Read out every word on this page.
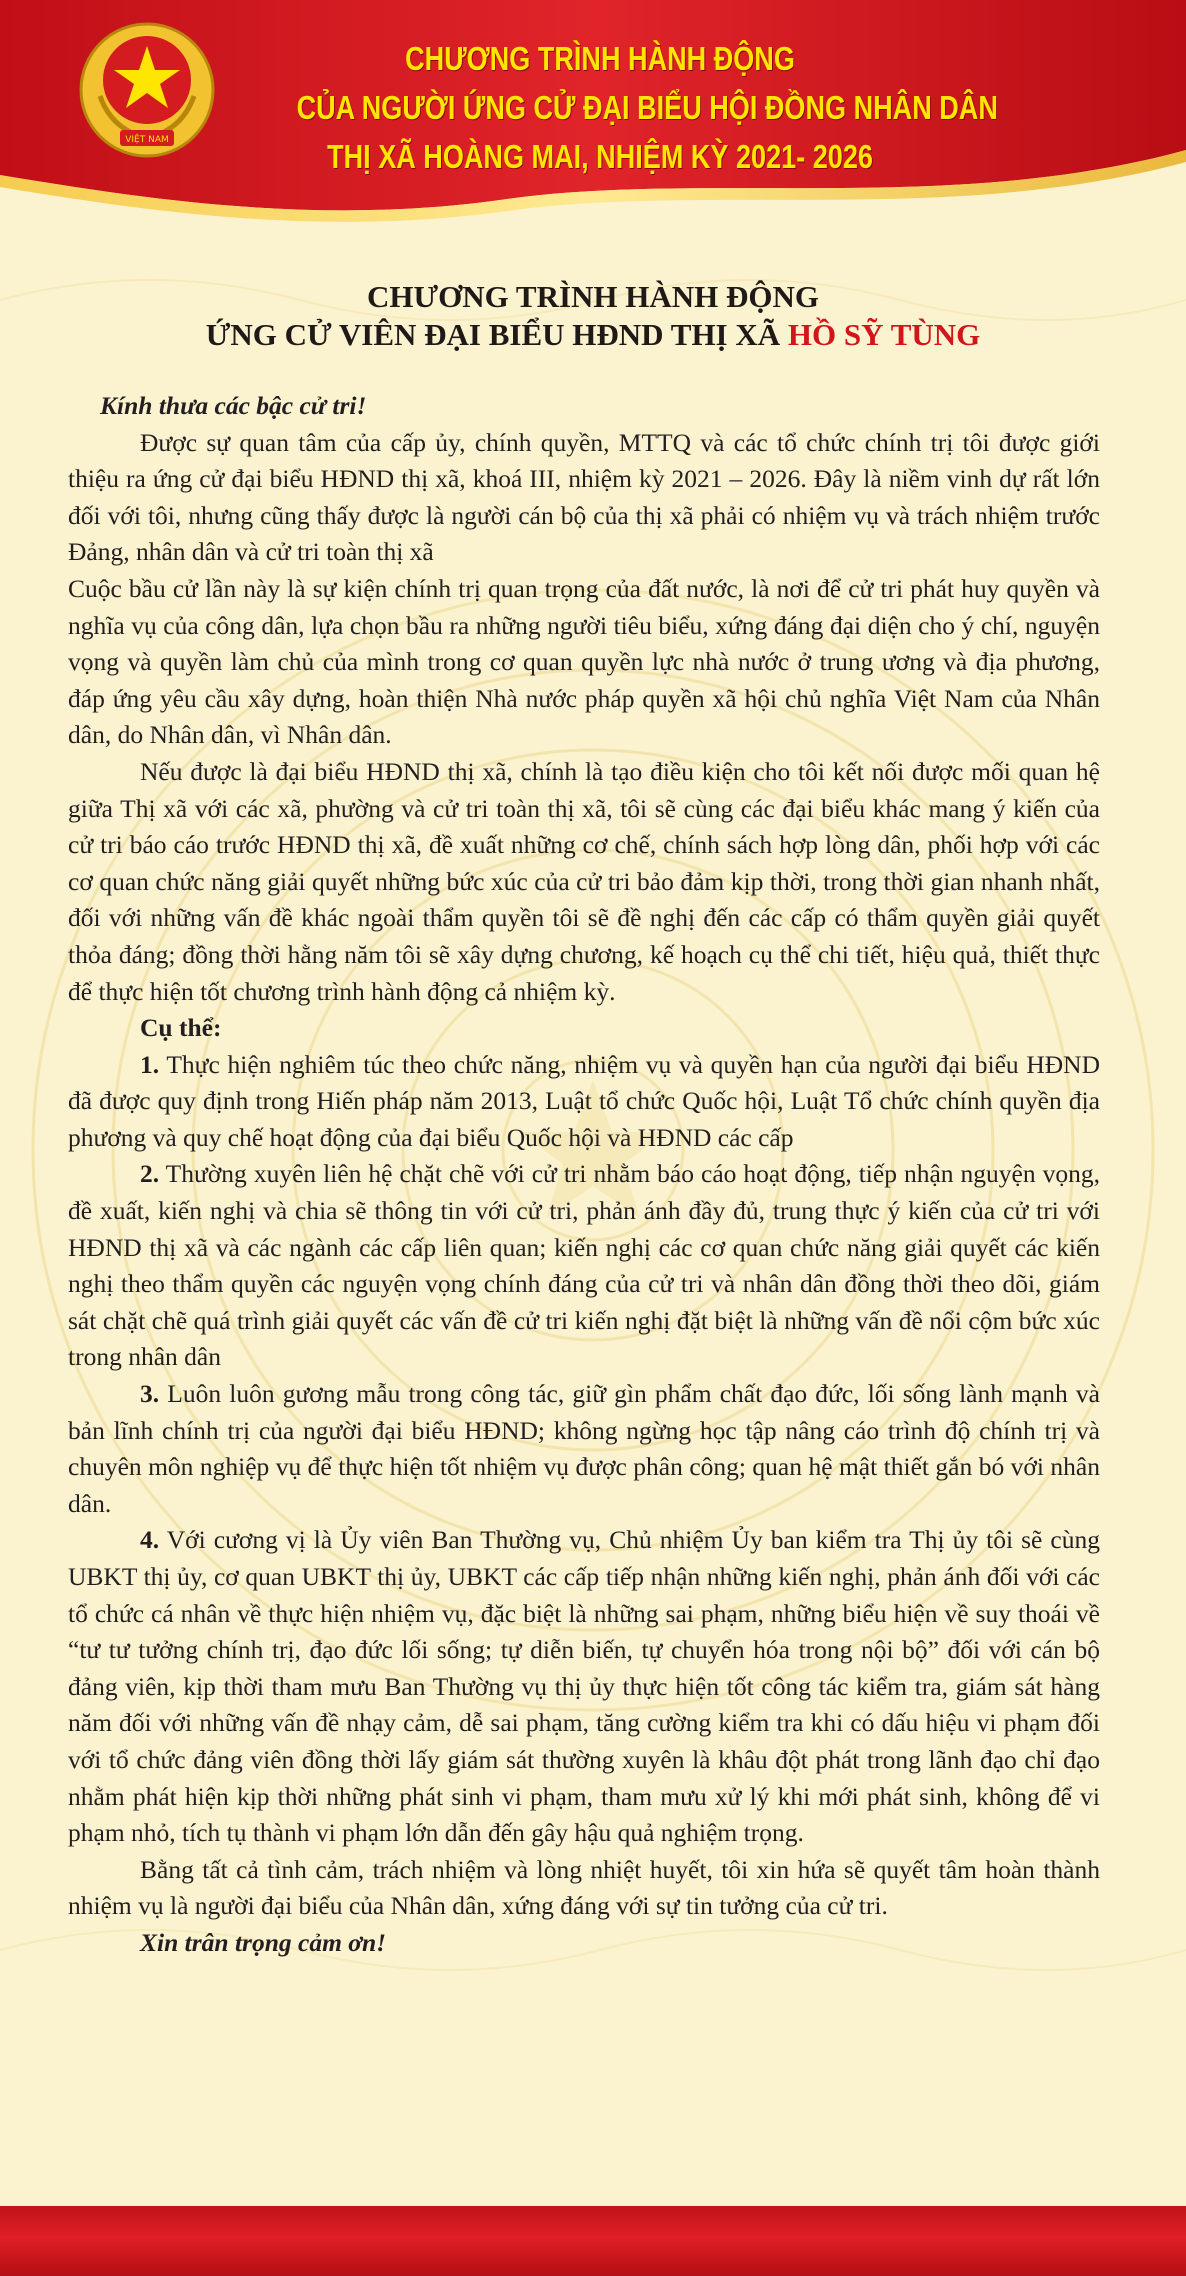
VIỆT NAM
CHƯƠNG TRÌNH HÀNH ĐỘNG
CỦA NGƯỜI ỨNG CỬ ĐẠI BIỂU HỘI ĐỒNG NHÂN DÂN
THỊ XÃ HOÀNG MAI, NHIỆM KỲ 2021- 2026
CHƯƠNG TRÌNH HÀNH ĐỘNG
ỨNG CỬ VIÊN ĐẠI BIỂU HĐND THỊ XÃ HỒ SỸ TÙNG

Kính thưa các bậc cử tri!

Được sự quan tâm của cấp ủy, chính quyền, MTTQ và các tổ chức chính trị tôi được giới thiệu ra ứng cử đại biểu HĐND thị xã, khoá III, nhiệm kỳ 2021 – 2026. Đây là niềm vinh dự rất lớn đối với tôi, nhưng cũng thấy được là người cán bộ của thị xã phải có nhiệm vụ và trách nhiệm trước Đảng, nhân dân và cử tri toàn thị xã

Cuộc bầu cử lần này là sự kiện chính trị quan trọng của đất nước, là nơi để cử tri phát huy quyền và nghĩa vụ của công dân, lựa chọn bầu ra những người tiêu biểu, xứng đáng đại diện cho ý chí, nguyện vọng và quyền làm chủ của mình trong cơ quan quyền lực nhà nước ở trung ương và địa phương, đáp ứng yêu cầu xây dựng, hoàn thiện Nhà nước pháp quyền xã hội chủ nghĩa Việt Nam của Nhân dân, do Nhân dân, vì Nhân dân.

Nếu được là đại biểu HĐND thị xã, chính là tạo điều kiện cho tôi kết nối được mối quan hệ giữa Thị xã với các xã, phường và cử tri toàn thị xã, tôi sẽ cùng các đại biểu khác mang ý kiến của cử tri báo cáo trước HĐND thị xã, đề xuất những cơ chế, chính sách hợp lòng dân, phối hợp với các cơ quan chức năng giải quyết những bức xúc của cử tri bảo đảm kịp thời, trong thời gian nhanh nhất, đối với những vấn đề khác ngoài thẩm quyền tôi sẽ đề nghị đến các cấp có thẩm quyền giải quyết thỏa đáng; đồng thời hằng năm tôi sẽ xây dựng chương, kế hoạch cụ thể chi tiết, hiệu quả, thiết thực để thực hiện tốt chương trình hành động cả nhiệm kỳ.

Cụ thể:

1. Thực hiện nghiêm túc theo chức năng, nhiệm vụ và quyền hạn của người đại biểu HĐND đã được quy định trong Hiến pháp năm 2013, Luật tổ chức Quốc hội, Luật Tổ chức chính quyền địa phương và quy chế hoạt động của đại biểu Quốc hội và HĐND các cấp

2. Thường xuyên liên hệ chặt chẽ với cử tri nhằm báo cáo hoạt động, tiếp nhận nguyện vọng, đề xuất, kiến nghị và chia sẽ thông tin với cử tri, phản ánh đầy đủ, trung thực ý kiến của cử tri với HĐND thị xã và các ngành các cấp liên quan; kiến nghị các cơ quan chức năng giải quyết các kiến nghị theo thẩm quyền các nguyện vọng chính đáng của cử tri và nhân dân đồng thời theo dõi, giám sát chặt chẽ quá trình giải quyết các vấn đề cử tri kiến nghị đặt biệt là những vấn đề nổi cộm bức xúc trong nhân dân

3. Luôn luôn gương mẫu trong công tác, giữ gìn phẩm chất đạo đức, lối sống lành mạnh và bản lĩnh chính trị của người đại biểu HĐND; không ngừng học tập nâng cáo trình độ chính trị và chuyên môn nghiệp vụ để thực hiện tốt nhiệm vụ được phân công; quan hệ mật thiết gắn bó với nhân dân.

4. Với cương vị là Ủy viên Ban Thường vụ, Chủ nhiệm Ủy ban kiểm tra Thị ủy tôi sẽ cùng UBKT thị ủy, cơ quan UBKT thị ủy, UBKT các cấp tiếp nhận những kiến nghị, phản ánh đối với các tổ chức cá nhân về thực hiện nhiệm vụ, đặc biệt là những sai phạm, những biểu hiện về suy thoái về “tư tư tưởng chính trị, đạo đức lối sống; tự diễn biến, tự chuyển hóa trong nội bộ” đối với cán bộ đảng viên, kịp thời tham mưu Ban Thường vụ thị ủy thực hiện tốt công tác kiểm tra, giám sát hàng năm đối với những vấn đề nhạy cảm, dễ sai phạm, tăng cường kiểm tra khi có dấu hiệu vi phạm đối với tổ chức đảng viên đồng thời lấy giám sát thường xuyên là khâu đột phát trong lãnh đạo chỉ đạo nhằm phát hiện kịp thời những phát sinh vi phạm, tham mưu xử lý khi mới phát sinh, không để vi phạm nhỏ, tích tụ thành vi phạm lớn dẫn đến gây hậu quả nghiệm trọng.

Bằng tất cả tình cảm, trách nhiệm và lòng nhiệt huyết, tôi xin hứa sẽ quyết tâm hoàn thành nhiệm vụ là người đại biểu của Nhân dân, xứng đáng với sự tin tưởng của cử tri.

Xin trân trọng cảm ơn!
